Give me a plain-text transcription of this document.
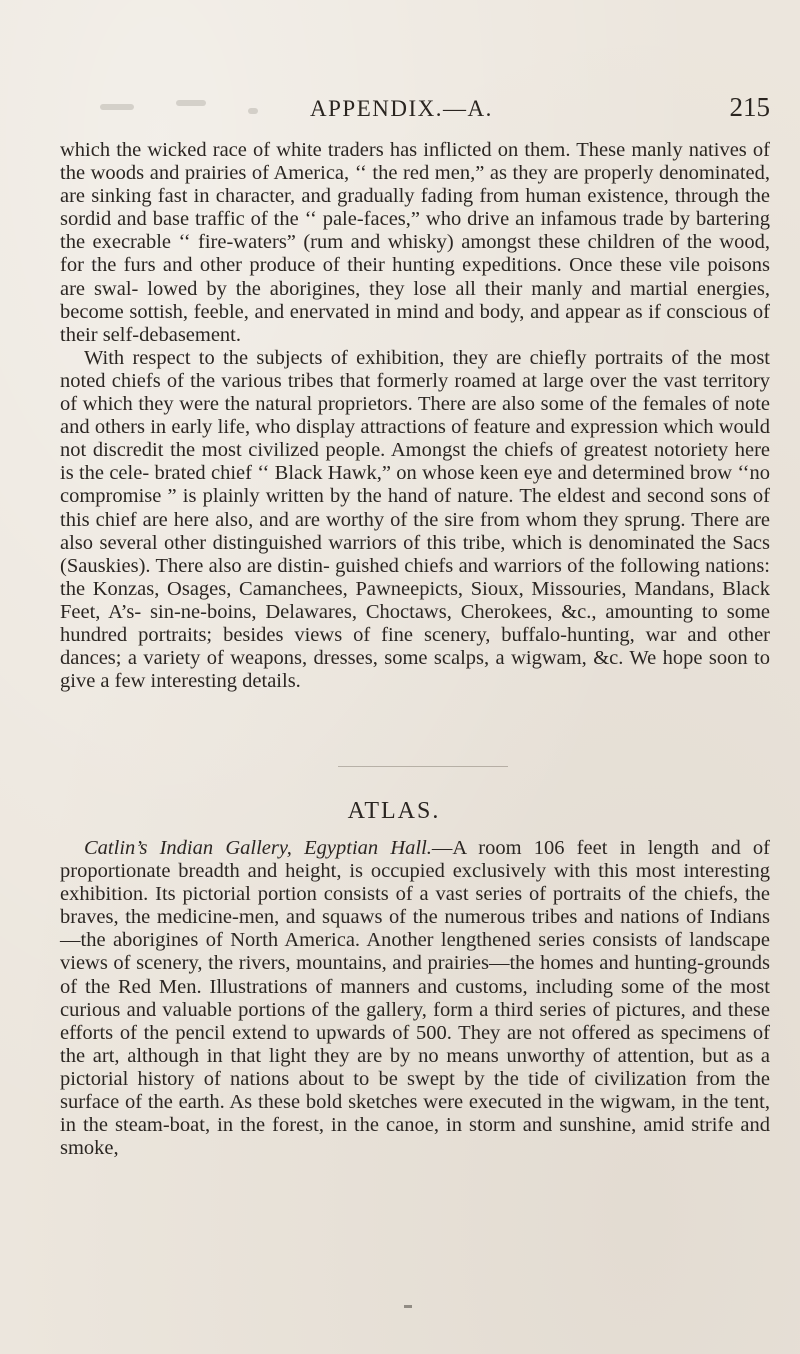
APPENDIX.—A.	215

which the wicked race of white traders has inflicted on them. These manly natives of the woods and prairies of America, ‘‘ the red men,” as they are properly denominated, are sinking fast in character, and gradually fading from human existence, through the sordid and base traffic of the ‘‘ pale-faces,” who drive an infamous trade by bartering the execrable ‘‘ fire-waters” (rum and whisky) amongst these children of the wood, for the furs and other produce of their hunting expeditions. Once these vile poisons are swal- lowed by the aborigines, they lose all their manly and martial energies, become sottish, feeble, and enervated in mind and body, and appear as if conscious of their self-debasement.

With respect to the subjects of exhibition, they are chiefly portraits of the most noted chiefs of the various tribes that formerly roamed at large over the vast territory of which they were the natural proprietors. There are also some of the females of note and others in early life, who display attractions of feature and expression which would not discredit the most civilized people. Amongst the chiefs of greatest notoriety here is the cele- brated chief ‘‘ Black Hawk,” on whose keen eye and determined brow ‘‘no compromise ” is plainly written by the hand of nature. The eldest and second sons of this chief are here also, and are worthy of the sire from whom they sprung. There are also several other distinguished warriors of this tribe, which is denominated the Sacs (Sauskies). There also are distin- guished chiefs and warriors of the following nations: the Konzas, Osages, Camanchees, Pawneepicts, Sioux, Missouries, Mandans, Black Feet, A’s- sin-ne-boins, Delawares, Choctaws, Cherokees, &c., amounting to some hundred portraits; besides views of fine scenery, buffalo-hunting, war and other dances; a variety of weapons, dresses, some scalps, a wigwam, &c. We hope soon to give a few interesting details.

ATLAS.

Catlin’s Indian Gallery, Egyptian Hall.—A room 106 feet in length and of proportionate breadth and height, is occupied exclusively with this most interesting exhibition. Its pictorial portion consists of a vast series of portraits of the chiefs, the braves, the medicine-men, and squaws of the numerous tribes and nations of Indians—the aborigines of North America. Another lengthened series consists of landscape views of scenery, the rivers, mountains, and prairies—the homes and hunting-grounds of the Red Men. Illustrations of manners and customs, including some of the most curious and valuable portions of the gallery, form a third series of pictures, and these efforts of the pencil extend to upwards of 500. They are not offered as specimens of the art, although in that light they are by no means unworthy of attention, but as a pictorial history of nations about to be swept by the tide of civilization from the surface of the earth. As these bold sketches were executed in the wigwam, in the tent, in the steam-boat, in the forest, in the canoe, in storm and sunshine, amid strife and smoke,
